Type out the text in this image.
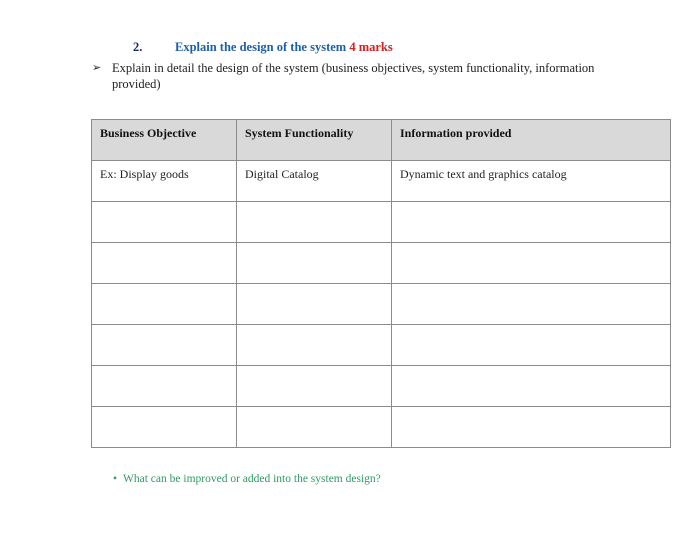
2.	Explain the design of the system 4 marks
➢ Explain in detail the design of the system (business objectives, system functionality, information provided)
Business Objective	System Functionality	Information provided
Ex: Display goods	Digital Catalog	Dynamic text and graphics catalog

• What can be improved or added into the system design?
